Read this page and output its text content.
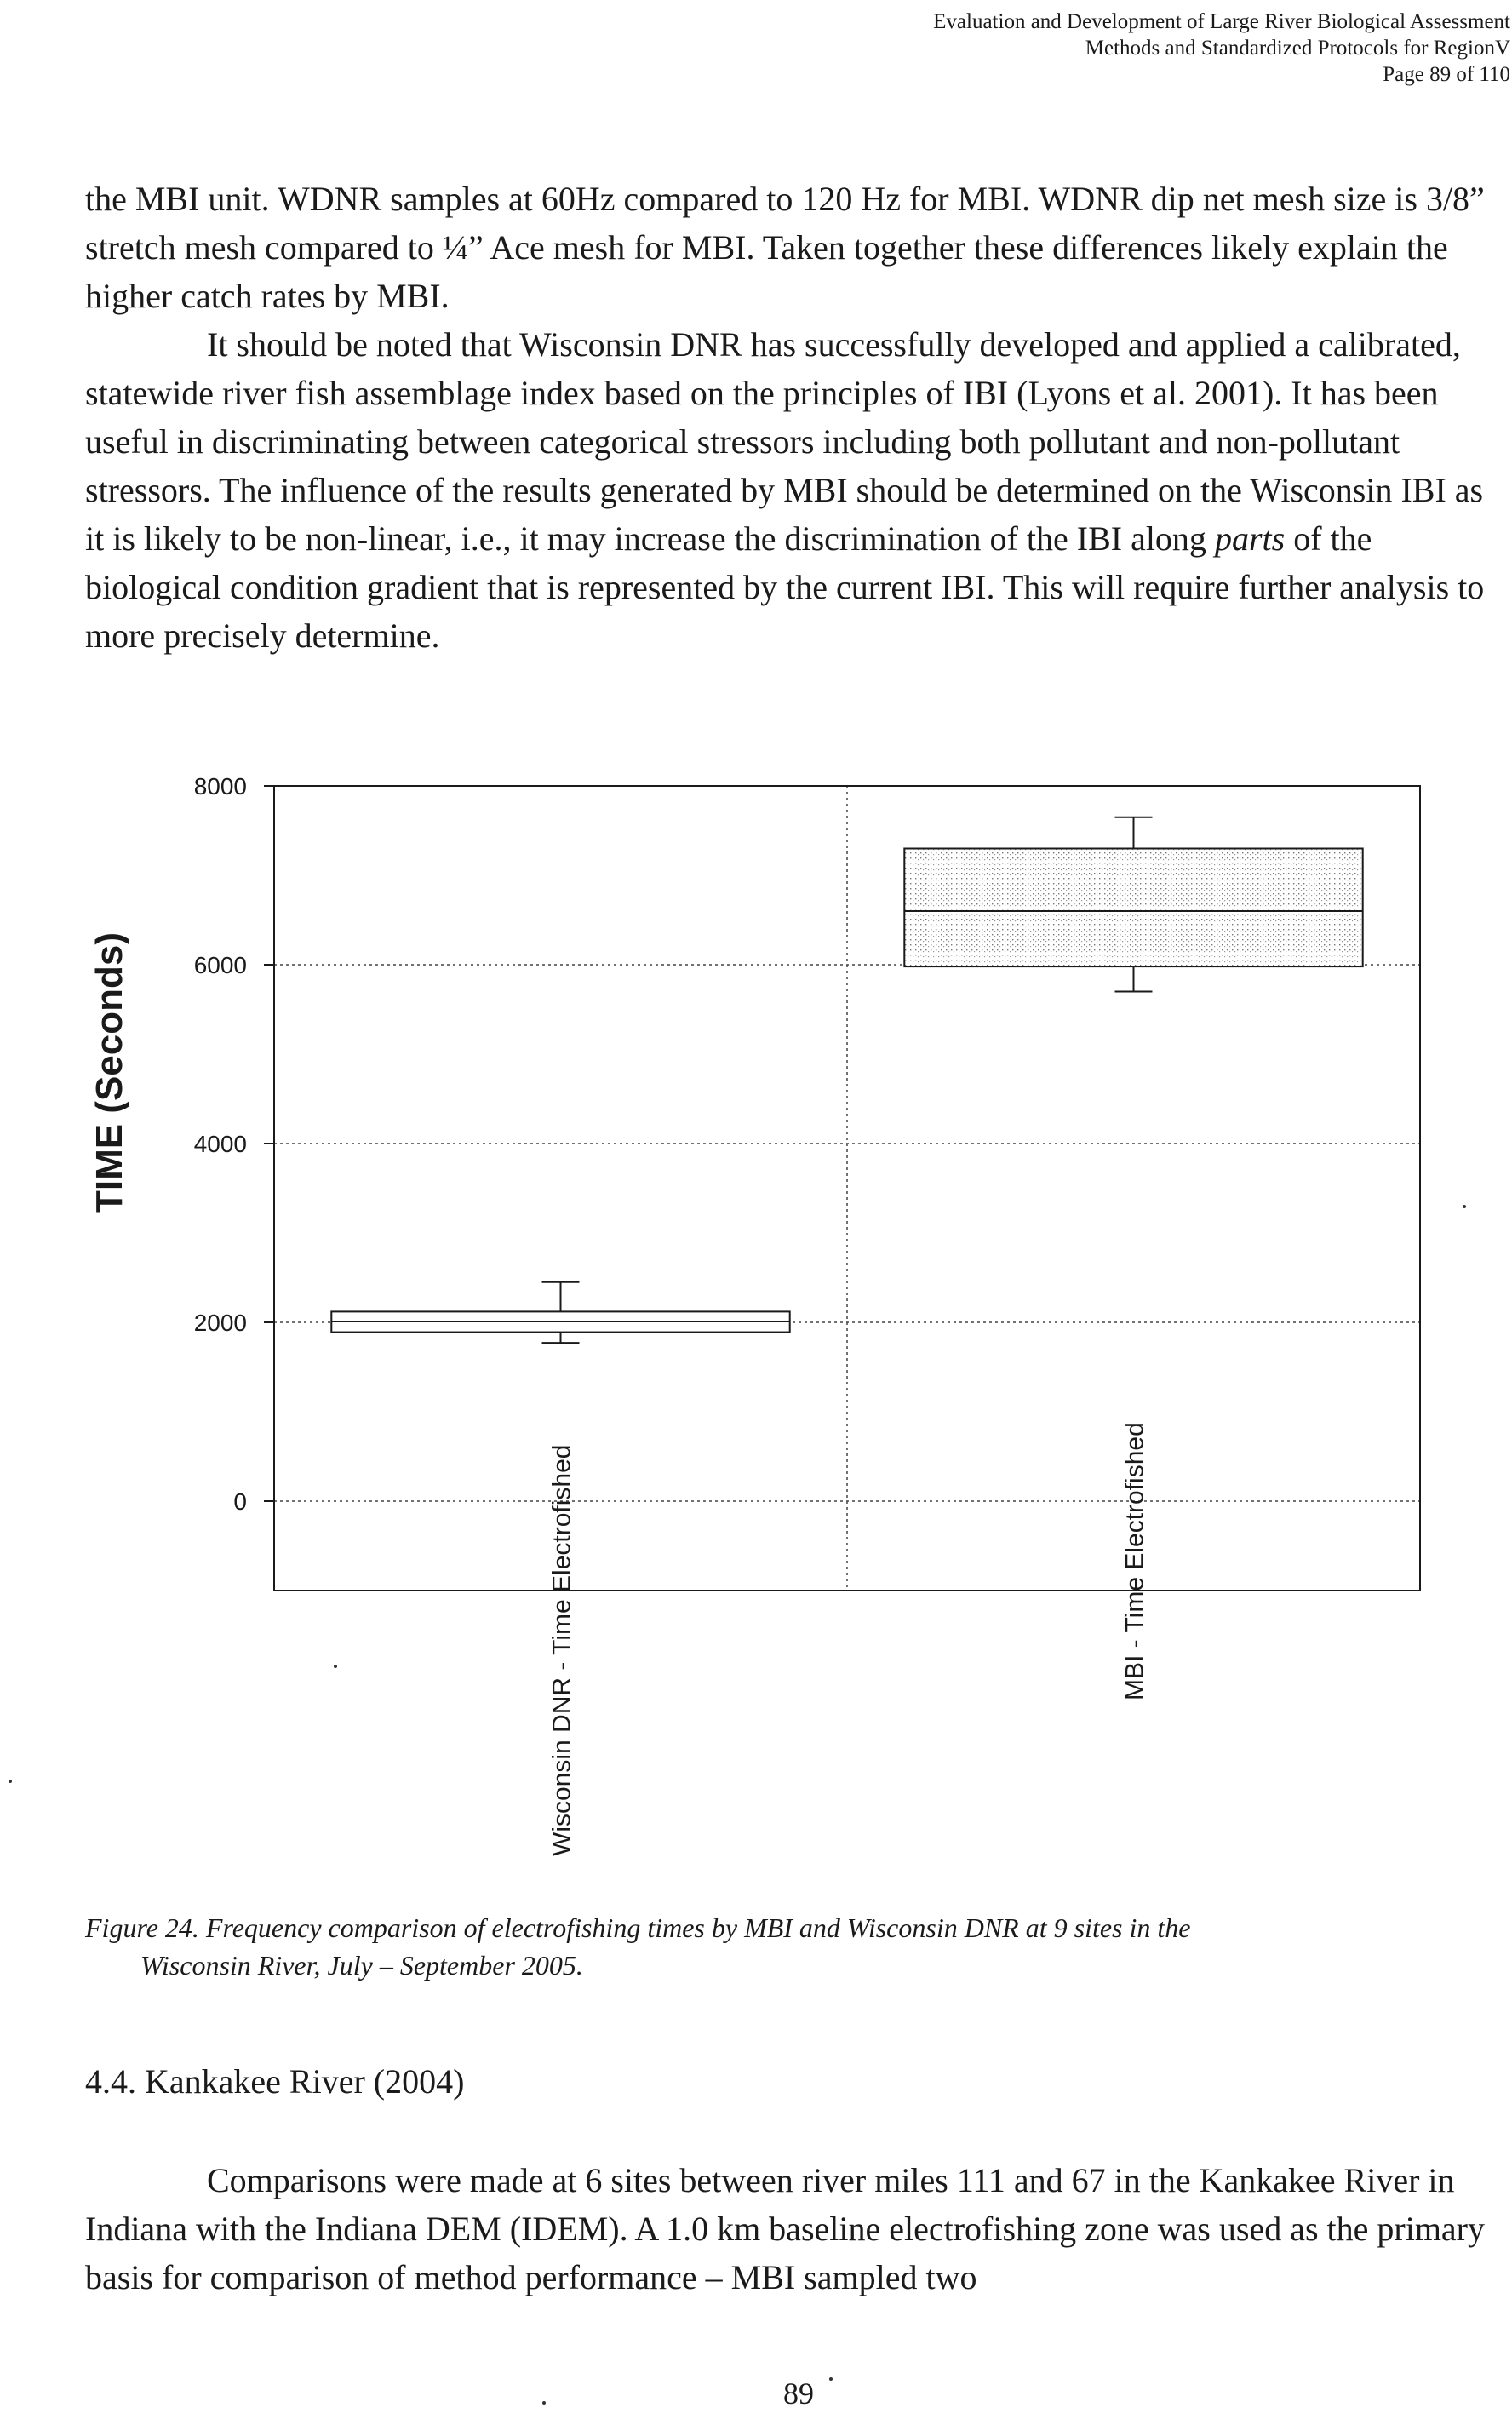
Evaluation and Development of Large River Biological Assessment
Methods and Standardized Protocols for RegionV
Page 89 of 110

the MBI unit. WDNR samples at 60Hz compared to 120 Hz for MBI. WDNR dip net mesh size is 3/8” stretch mesh compared to ¼” Ace mesh for MBI. Taken together these differences likely explain the higher catch rates by MBI.

It should be noted that Wisconsin DNR has successfully developed and applied a calibrated, statewide river fish assemblage index based on the principles of IBI (Lyons et al. 2001). It has been useful in discriminating between categorical stressors including both pollutant and non-pollutant stressors. The influence of the results generated by MBI should be determined on the Wisconsin IBI as it is likely to be non-linear, i.e., it may increase the discrimination of the IBI along parts of the biological condition gradient that is represented by the current IBI. This will require further analysis to more precisely determine.

0
2000
4000
6000
8000
TIME (Seconds)
Wisconsin DNR - Time Electrofished	MBI - Time Electrofished
Figure 24. Frequency comparison of electrofishing times by MBI and Wisconsin DNR at 9 sites in the
Wisconsin River, July – September 2005.
4.4. Kankakee River (2004)
Comparisons were made at 6 sites between river miles 111 and 67 in the Kankakee River in Indiana with the Indiana DEM (IDEM). A 1.0 km baseline electrofishing zone was used as the primary basis for comparison of method performance – MBI sampled two
89
